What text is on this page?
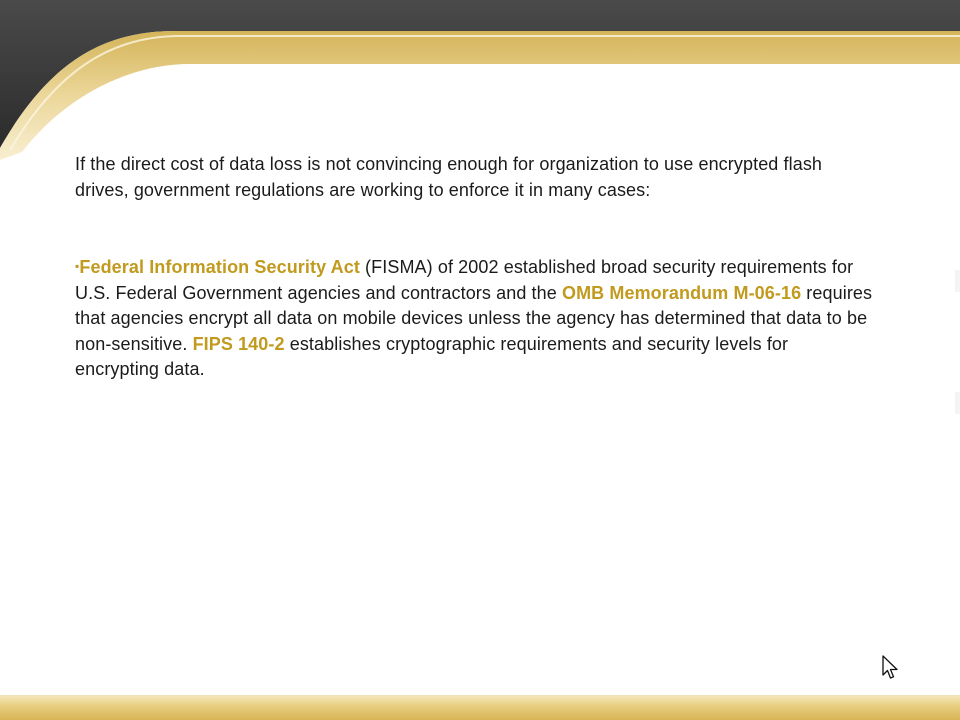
If the direct cost of data loss is not convincing enough for organization to use encrypted flash drives, government regulations are working to enforce it in many cases:

▪Federal Information Security Act (FISMA) of 2002 established broad security requirements for U.S. Federal Government agencies and contractors and the OMB Memorandum M-06-16 requires that agencies encrypt all data on mobile devices unless the agency has determined that data to be non-sensitive. FIPS 140-2 establishes cryptographic requirements and security levels for encrypting data.
